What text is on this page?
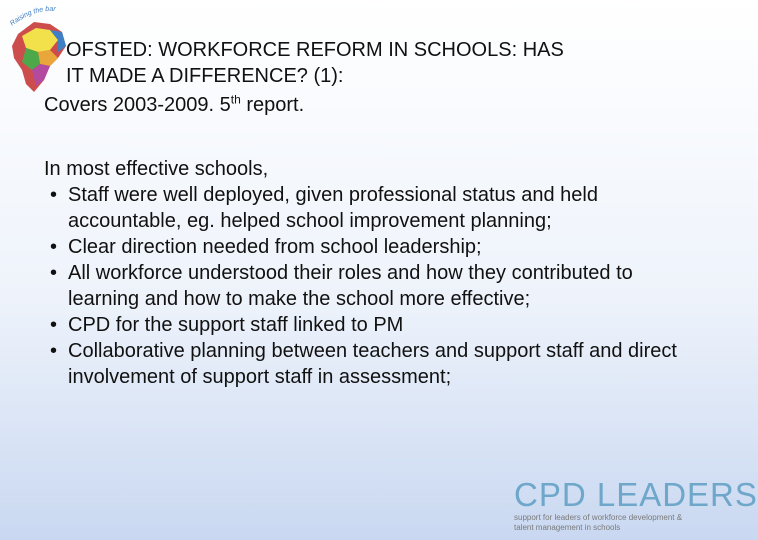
Raising the bar
OFSTED: WORKFORCE REFORM IN SCHOOLS: HAS
IT MADE A DIFFERENCE? (1):
Covers 2003-2009. 5th report.
In most effective schools,
• Staff were well deployed, given professional status and held accountable, eg. helped school improvement planning;
• Clear direction needed from school leadership;
• All workforce understood their roles and how they contributed to learning and how to make the school more effective;
• CPD for the support staff linked to PM
• Collaborative planning between teachers and support staff and direct involvement of support staff in assessment;
CPD LEADERS
support for leaders of workforce development &
talent management in schools
